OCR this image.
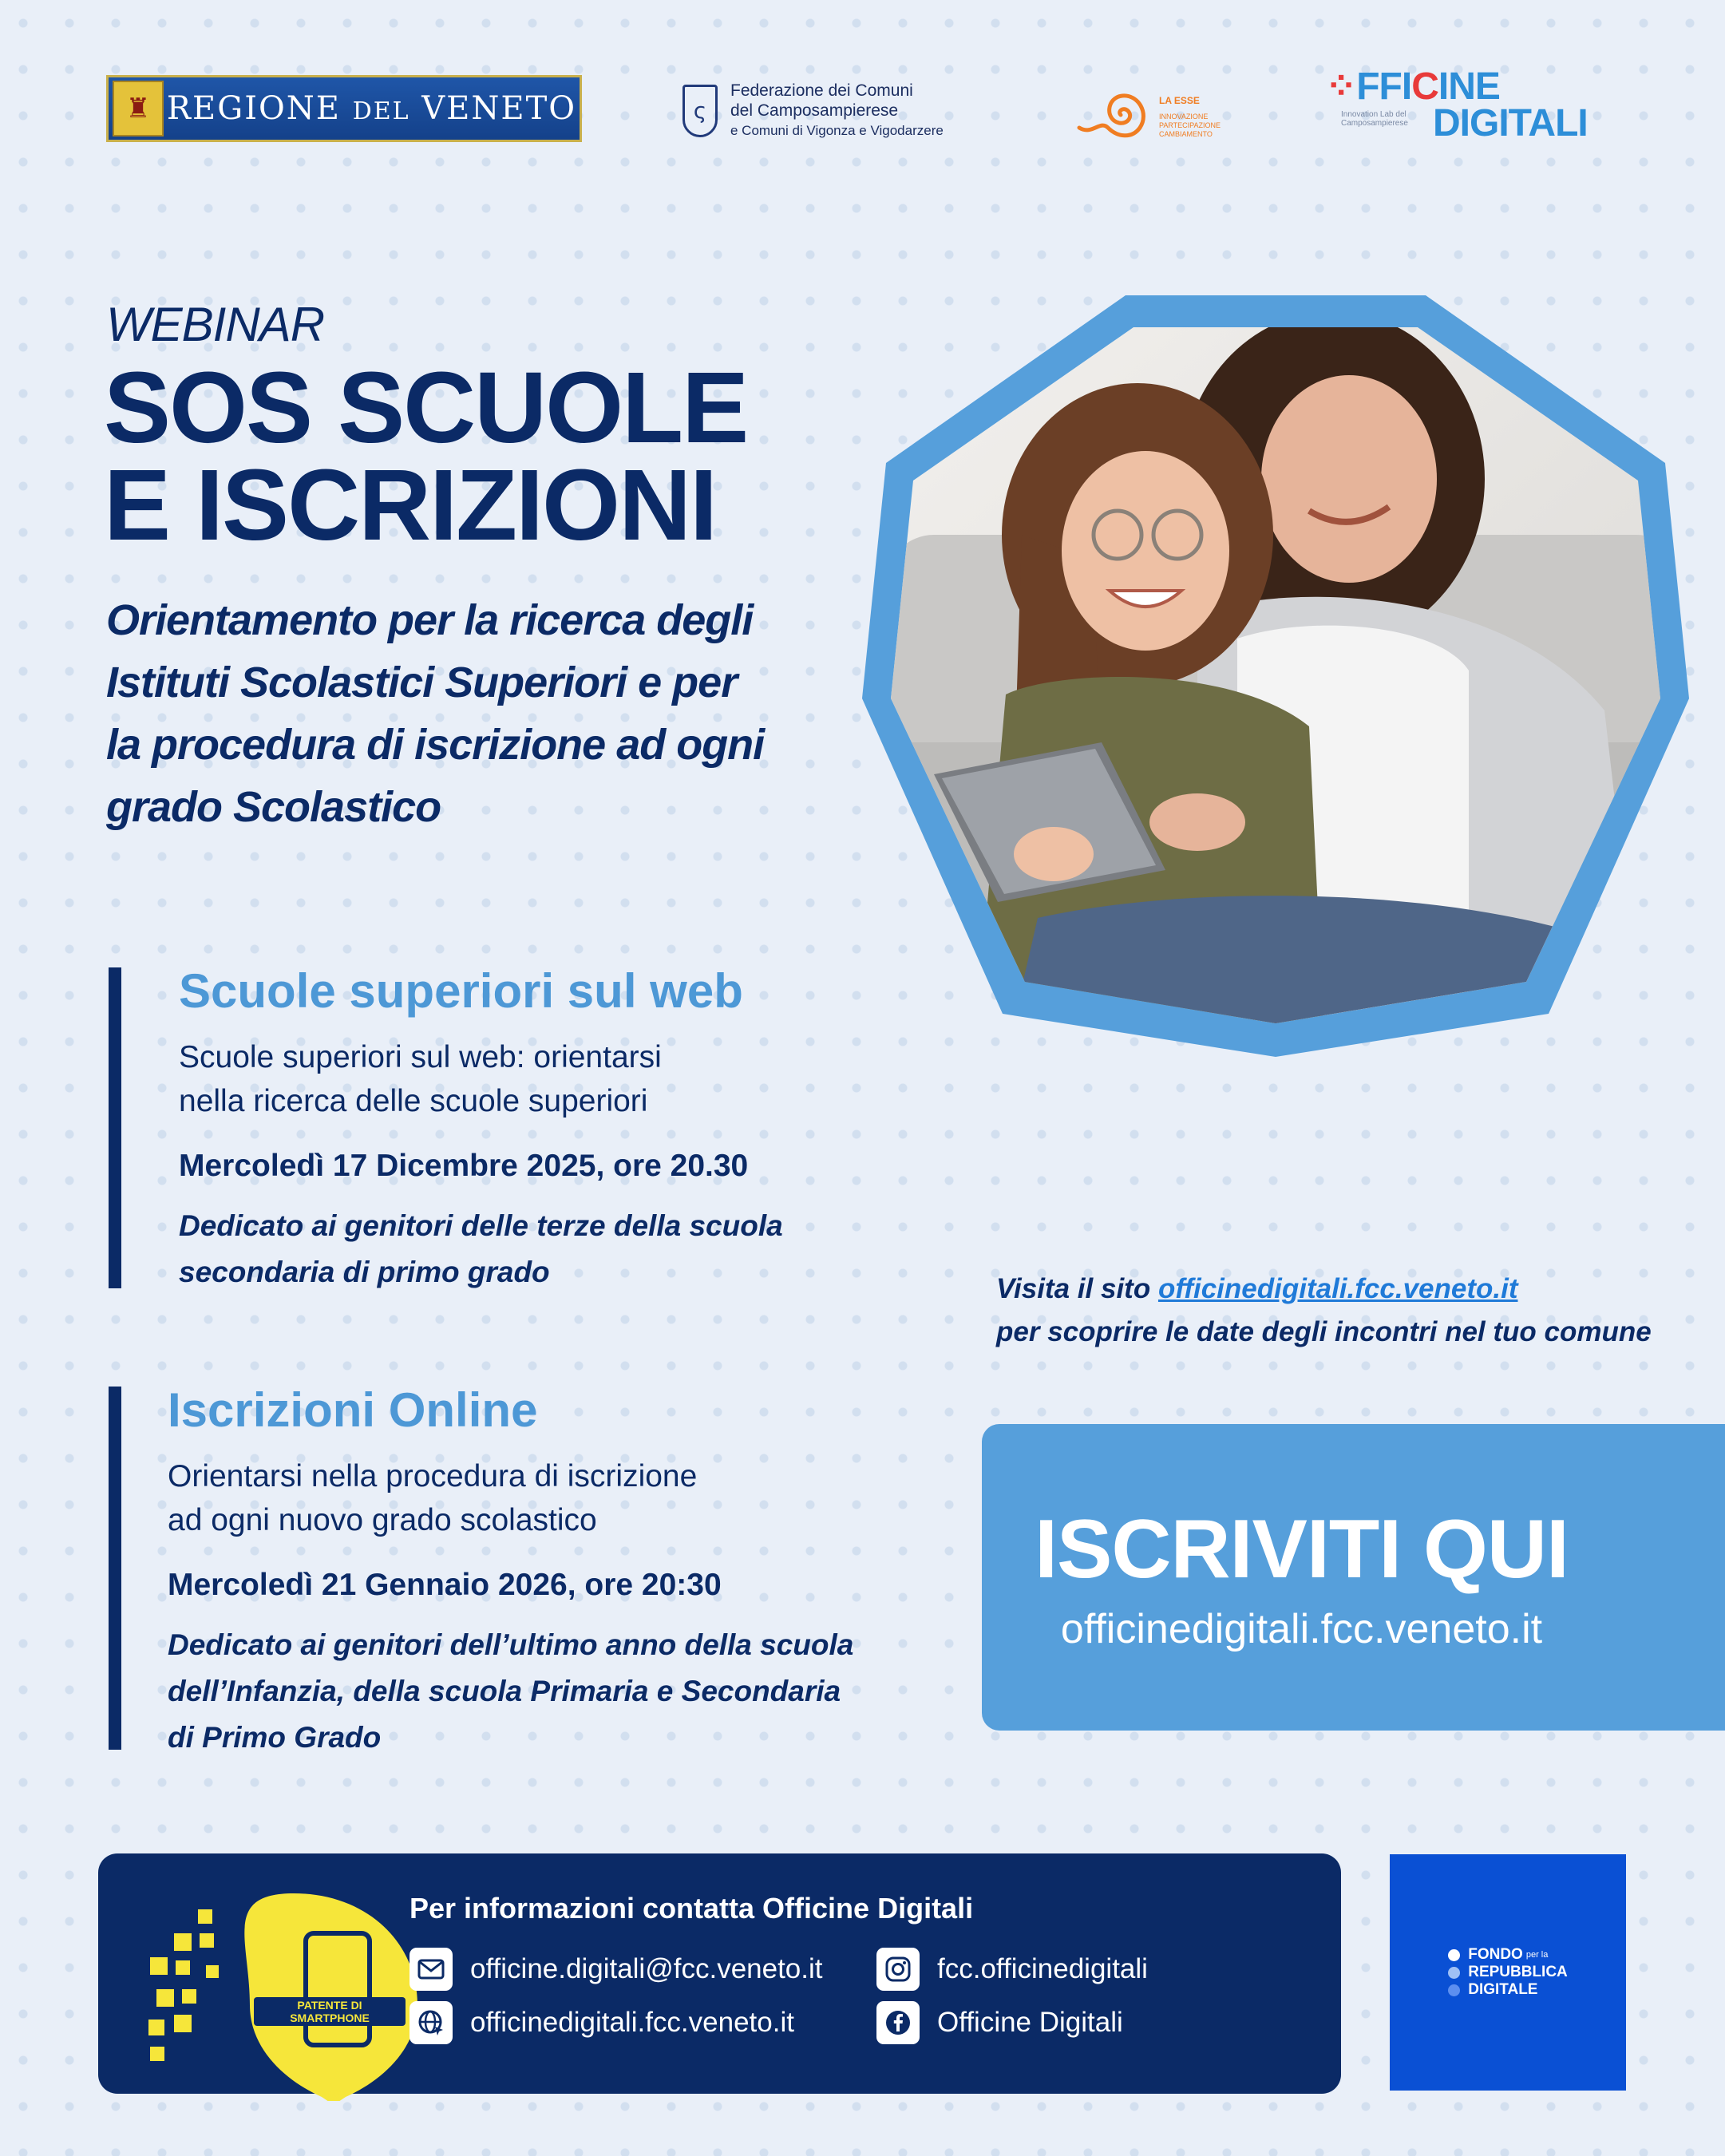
♜ REGIONE DEL VENETO	ς
Federazione dei Comuni
del Camposampierese
e Comuni di Vigonza e Vigodarzere
LA ESSE
INNOVAZIONE
PARTECIPAZIONE
CAMBIAMENTO
⁘FFICINE
DIGITALI
Innovation Lab del Camposampierese
WEBINAR
SOS SCUOLE
E ISCRIZIONI
Orientamento per la ricerca degli
Istituti Scolastici Superiori e per
la procedura di iscrizione ad ogni
grado Scolastico
Scuole superiori sul web
Scuole superiori sul web: orientarsi
nella ricerca delle scuole superiori
Mercoledì 17 Dicembre 2025, ore 20.30
Dedicato ai genitori delle terze della scuola
secondaria di primo grado
Iscrizioni Online
Orientarsi nella procedura di iscrizione
ad ogni nuovo grado scolastico
Mercoledì 21 Gennaio 2026, ore 20:30
Dedicato ai genitori dell’ultimo anno della scuola
dell’Infanzia, della scuola Primaria e Secondaria
di Primo Grado
Visita il sito officinedigitali.fcc.veneto.it
per scoprire le date degli incontri nel tuo comune
ISCRIVITI QUI
officinedigitali.fcc.veneto.it
PATENTE DI
SMARTPHONE
Per informazioni contatta Officine Digitali
officine.digitali@fcc.veneto.it
officinedigitali.fcc.veneto.it
fcc.officinedigitali
Officine Digitali
FONDO per la
REPUBBLICA
DIGITALE
